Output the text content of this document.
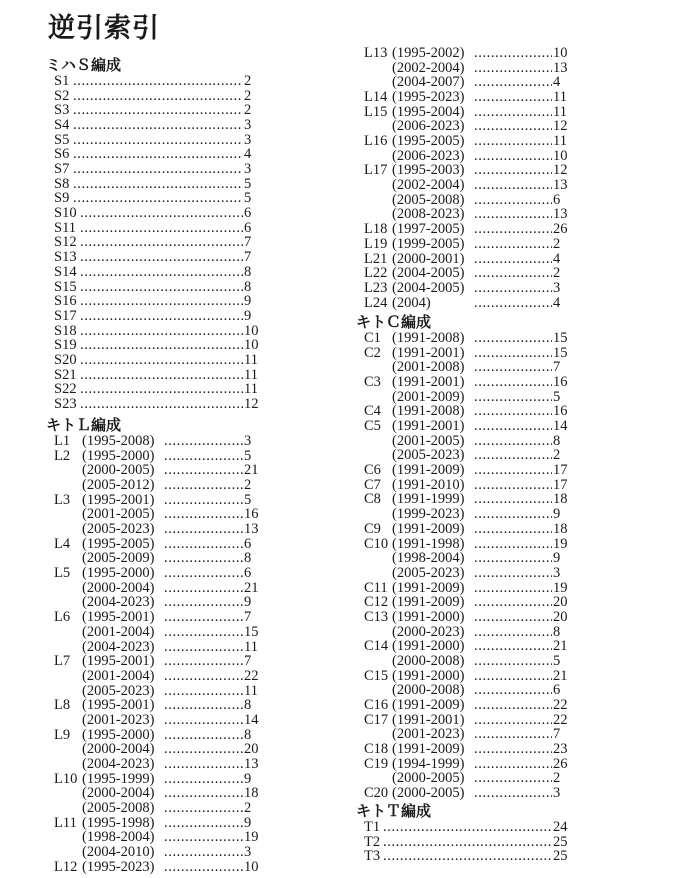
逆引索引
ミハＳ編成
S1 .....	2
S2 .....	2
S3 .....	2
S4 .....	3
S5 .....	3
S6 .....	4
S7 .....	3
S8 .....	5
S9 .....	5
S10 .....	6
S11 .....	6
S12 .....	7
S13 .....	7
S14 .....	8
S15 .....	8
S16 .....	9
S17 .....	9
S18 .....	10
S19 .....	10
S20 .....	11
S21 .....	11
S22 .....	11
S23 .....	12
キトＬ編成
L1 (1995-2008) .....	3
L2 (1995-2000) .....	5
(2000-2005) .....	21
(2005-2012) .....	2
L3 (1995-2001) .....	5
(2001-2005) .....	16
(2005-2023) .....	13
L4 (1995-2005) .....	6
(2005-2009) .....	8
L5 (1995-2000) .....	6
(2000-2004) .....	21
(2004-2023) .....	9
L6 (1995-2001) .....	7
(2001-2004) .....	15
(2004-2023) .....	11
L7 (1995-2001) .....	7
(2001-2004) .....	22
(2005-2023) .....	11
L8 (1995-2001) .....	8
(2001-2023) .....	14
L9 (1995-2000) .....	8
(2000-2004) .....	20
(2004-2023) .....	13
L10 (1995-1999) .....	9
(2000-2004) .....	18
(2005-2008) .....	2
L11 (1995-1998) .....	9
(1998-2004) .....	19
(2004-2010) .....	3
L12 (1995-2023) .....	10
L13 (1995-2002) .....	10
(2002-2004) .....	13
(2004-2007) .....	4
L14 (1995-2023) .....	11
L15 (1995-2004) .....	11
(2006-2023) .....	12
L16 (1995-2005) .....	11
(2006-2023) .....	10
L17 (1995-2003) .....	12
(2002-2004) .....	13
(2005-2008) .....	6
(2008-2023) .....	13
L18 (1997-2005) .....	26
L19 (1999-2005) .....	2
L21 (2000-2001) .....	4
L22 (2004-2005) .....	2
L23 (2004-2005) .....	3
L24 (2004) .....	4
キトＣ編成
C1 (1991-2008) .....	15
C2 (1991-2001) .....	15
(2001-2008) .....	7
C3 (1991-2001) .....	16
(2001-2009) .....	5
C4 (1991-2008) .....	16
C5 (1991-2001) .....	14
(2001-2005) .....	8
(2005-2023) .....	2
C6 (1991-2009) .....	17
C7 (1991-2010) .....	17
C8 (1991-1999) .....	18
(1999-2023) .....	9
C9 (1991-2009) .....	18
C10 (1991-1998) .....	19
(1998-2004) .....	9
(2005-2023) .....	3
C11 (1991-2009) .....	19
C12 (1991-2009) .....	20
C13 (1991-2000) .....	20
(2000-2023) .....	8
C14 (1991-2000) .....	21
(2000-2008) .....	5
C15 (1991-2000) .....	21
(2000-2008) .....	6
C16 (1991-2009) .....	22
C17 (1991-2001) .....	22
(2001-2023) .....	7
C18 (1991-2009) .....	23
C19 (1994-1999) .....	26
(2000-2005) .....	2
C20 (2000-2005) .....	3
キトＴ編成
T1 .....	24
T2 .....	25
T3 .....	25
